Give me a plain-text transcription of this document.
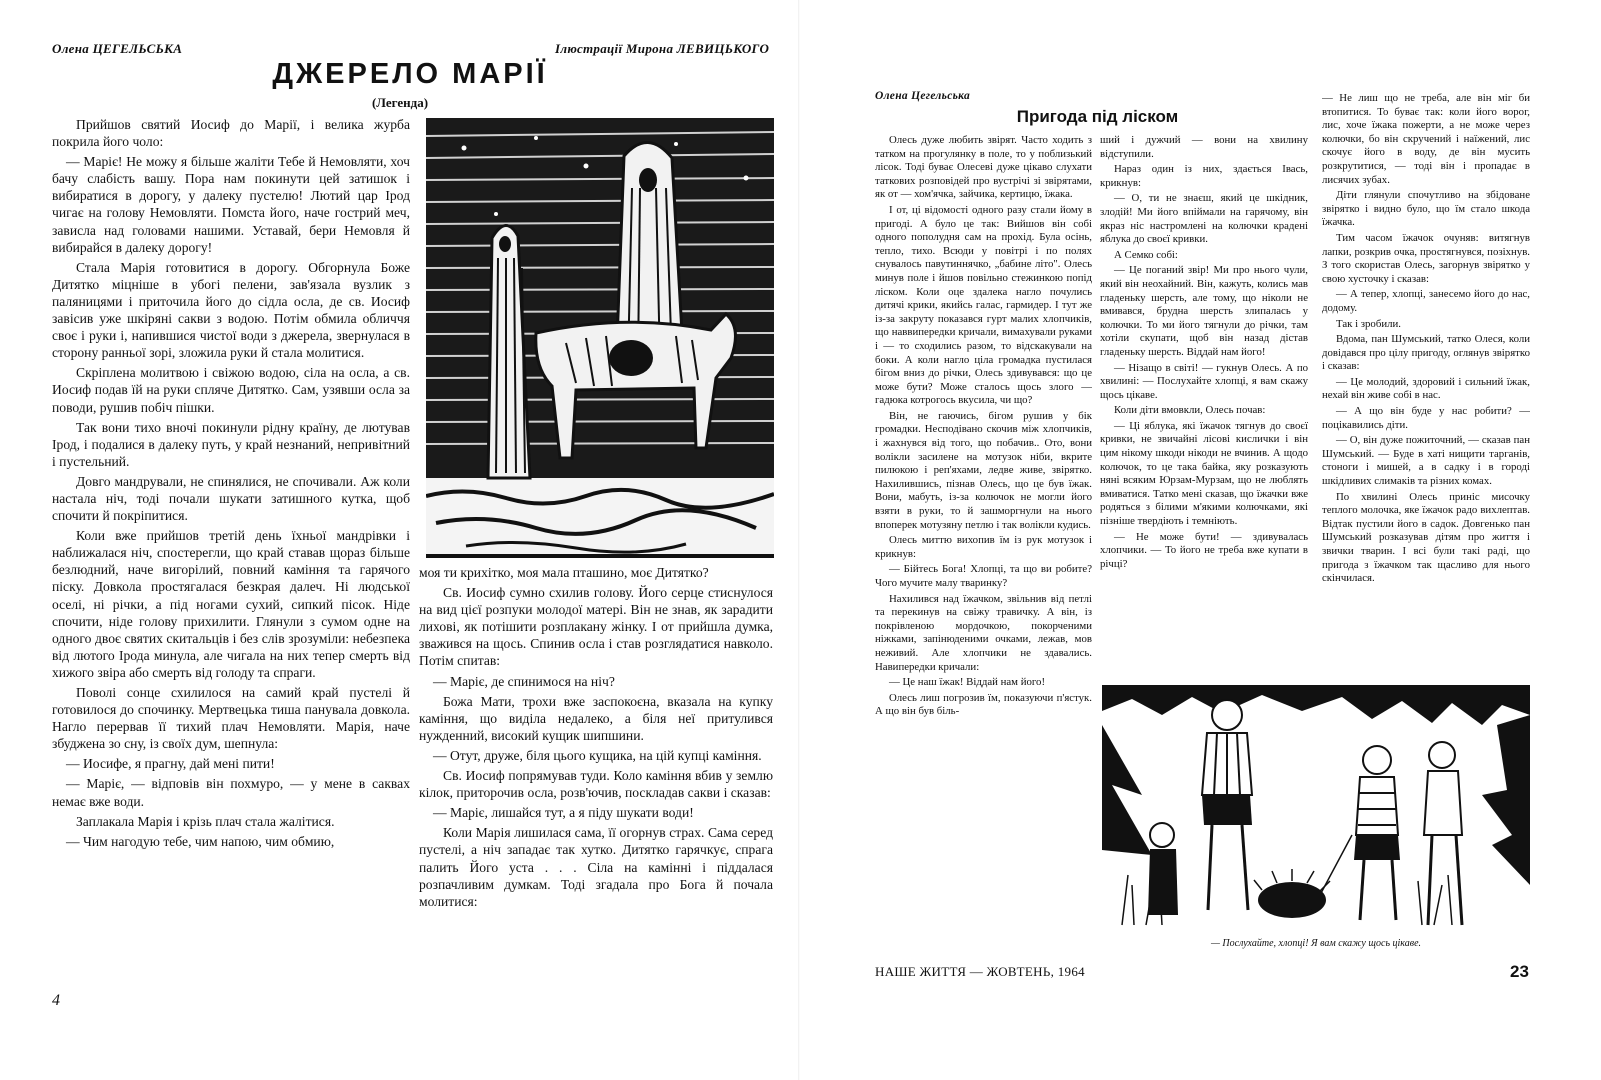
Олена ЦЕГЕЛЬСЬКА	Ілюстрації Мирона ЛЕВИЦЬКОГО
ДЖЕРЕЛО МАРІЇ
(Легенда)

Прийшов святий Иосиф до Марії, і велика журба покрила його чоло:

— Маріє! Не можу я більше жаліти Тебе й Немовляти, хоч бачу слабість вашу. Пора нам покинути цей затишок і вибиратися в дорогу, у далеку пустелю! Лютий цар Ірод чигає на голову Немовляти. Помста його, наче гострий меч, зависла над головами нашими. Уставай, бери Немовля й вибирайся в далеку дорогу!

Стала Марія готовитися в дорогу. Обгорнула Боже Дитятко міцніше в убогі пелени, зав'язала вузлик з паляницями і приточила його до сідла осла, де св. Иосиф завісив уже шкіряні сакви з водою. Потім обмила обличчя своє і руки і, напившися чистої води з джерела, звернулася в сторону ранньої зорі, зложила руки й стала молитися.

Скріплена молитвою і свіжою водою, сіла на осла, а св. Иосиф подав їй на руки спляче Дитятко. Сам, узявши осла за поводи, рушив побіч пішки.

Так вони тихо вночі покинули рідну країну, де лютував Ірод, і подалися в далеку путь, у край незнаний, непривітний і пустельний.

Довго мандрували, не спинялися, не спочивали. Аж коли настала ніч, тоді почали шукати затишного кутка, щоб спочити й покріпитися.

Коли вже прийшов третій день їхньої мандрівки і наближалася ніч, спостерегли, що край ставав щораз більше безлюдний, наче вигорілий, повний каміння та гарячого піску. Довкола простягалася безкрая далеч. Ні людської оселі, ні річки, а під ногами сухий, сипкий пісок. Ніде спочити, ніде голову прихилити. Глянули з сумом одне на одного двоє святих скитальців і без слів зрозуміли: небезпека від лютого Ірода минула, але чигала на них тепер смерть від хижого звіра або смерть від голоду та спраги.

Поволі сонце схилилося на самий край пустелі й готовилося до спочинку. Мертвецька тиша панувала довкола. Нагло перервав її тихий плач Немовляти. Марія, наче збуджена зо сну, із своїх дум, шепнула:

— Иосифе, я прагну, дай мені пити!

— Маріє, — відповів він похмуро, — у мене в саквах немає вже води.

Заплакала Марія і крізь плач стала жалітися.

— Чим нагодую тебе, чим напою, чим обмию,

моя ти крихітко, моя мала пташино, моє Дитятко?

Св. Иосиф сумно схилив голову. Його серце стиснулося на вид цієї розпуки молодої матері. Він не знав, як зарадити лихові, як потішити розплакану жінку. І от прийшла думка, зважився на щось. Спинив осла і став розглядатися навколо. Потім спитав:

— Маріє, де спинимося на ніч?

Божа Мати, трохи вже заспокоєна, вказала на купку каміння, що виділа недалеко, а біля неї притулився нужденний, високий кущик шипшини.

— Отут, друже, біля цього кущика, на цій купці каміння.

Св. Иосиф попрямував туди. Коло каміння вбив у землю кілок, приторочив осла, розв'ючив, поскладав сакви і сказав:

— Маріє, лишайся тут, а я піду шукати води!

Коли Марія лишилася сама, її огорнув страх. Сама серед пустелі, а ніч западає так хутко. Дитятко гарячкує, спрага палить Його уста . . . Сіла на камінні і піддалася розпачливим думкам. Тоді згадала про Бога й почала молитися:

4
Олена Цегельська
Пригода під ліском

Олесь дуже любить звірят. Часто ходить з татком на прогулянку в поле, то у поблизький лісок. Тоді буває Олесеві дуже цікаво слухати таткових розповідей про вустрічі зі звірятами, як от — хом'ячка, зайчика, кертицю, їжака.

І от, ці відомості одного разу стали йому в пригоді. А було це так: Вийшов він собі одного пополудня сам на прохід. Була осінь, тепло, тихо. Всюди у повітрі і по полях снувалось павутиннячко, „бабине літо". Олесь минув поле і йшов повільно стежинкою попід ліском. Коли оце здалека нагло почулись дитячі крики, якийсь галас, гармидер. І тут же із-за закруту показався гурт малих хлопчиків, що наввипередки кричали, вимахували руками і — то сходились разом, то відскакували на боки. А коли нагло ціла громадка пустилася бігом вниз до річки, Олесь здивувався: що це може бути? Може сталось щось злого — гадюка котрогось вкусила, чи що?

Він, не гаючись, бігом рушив у бік громадки. Несподівано скочив між хлопчиків, і жахнувся від того, що побачив.. Ото, вони волікли засилене на мотузок ніби, вкрите пилюкою і реп'яхами, ледве живе, звірятко. Нахилившись, пізнав Олесь, що це був їжак. Вони, мабуть, із-за колючок не могли його взяти в руки, то й зашморгнули на нього впоперек мотузяну петлю і так волікли кудись.

Олесь миттю вихопив їм із рук мотузок і крикнув:

— Бійтесь Бога! Хлопці, та що ви робите? Чого мучите малу тваринку?

Нахилився над їжачком, звільнив від петлі та перекинув на свіжу травичку. А він, із покрівленою мордочкою, покорченими ніжками, запінюденими очками, лежав, мов неживий. Але хлопчики не здавались. Навипередки кричали:

— Це наш їжак! Віддай нам його!

Олесь лиш погрозив їм, показуючи п'ястук. А що він був біль-

ший і дужчий — вони на хвилину відступили.

Нараз один із них, здається Івась, крикнув:

— О, ти не знаєш, який це шкідник, злодій! Ми його впіймали на гарячому, він якраз ніс настромлені на колючки крадені яблука до своєї кривки.

А Семко собі:

— Це поганий звір! Ми про нього чули, який він неохайний. Він, кажуть, колись мав гладеньку шерсть, але тому, що ніколи не вмивався, брудна шерсть злипалась у колючки. То ми його тягнули до річки, там хотіли скупати, щоб він назад дістав гладеньку шерсть. Віддай нам його!

— Нізащо в світі! — гукнув Олесь. А по хвилині: — Послухайте хлопці, я вам скажу щось цікаве.

Коли діти вмовкли, Олесь почав:

— Ці яблука, які їжачок тягнув до своєї кривки, не звичайні лісові кислички і він цим нікому шкоди нікоди не вчинив. А щодо колючок, то це така байка, яку розказують няні всяким Юрзам-Мурзам, що не люблять вмиватися. Татко мені сказав, що їжачки вже родяться з білими м'якими колючками, які пізніше твердіють і темніють.

— Не може бути! — здивувалась хлопчики. — То його не треба вже купати в річці?

— Не лиш що не треба, але він міг би втопитися. То буває так: коли його ворог, лис, хоче їжака пожерти, а не може через колючки, бо він скручений і наїжений, лис скочує його в воду, де він мусить розкрутитися, — тоді він і пропадає в лисячих зубах.

Діти глянули спочутливо на збідоване звірятко і видно було, що їм стало шкода їжачка.

Тим часом їжачок очуняв: витягнув лапки, розкрив очка, простягнувся, позіхнув. З того скористав Олесь, загорнув звірятко у свою хусточку і сказав:

— А тепер, хлопці, занесемо його до нас, додому.

Так і зробили.

Вдома, пан Шумський, татко Олеся, коли довідався про цілу пригоду, оглянув звірятко і сказав:

— Це молодий, здоровий і сильний їжак, нехай він живе собі в нас.

— А що він буде у нас робити? — поцікавились діти.

— О, він дуже пожиточний, — сказав пан Шумський. — Буде в хаті нищити тарганів, стоноги і мишей, а в садку і в городі шкідливих слимаків та різних комах.

По хвилині Олесь приніс мисочку теплого молочка, яке їжачок радо вихлептав. Відтак пустили його в садок. Довгенько пан Шумський розказував дітям про життя і звички тварин. І всі були такі раді, що пригода з їжачком так щасливо для нього скінчилася.

— Послухайте, хлопці! Я вам скажу щось цікаве.
НАШЕ ЖИТТЯ — ЖОВТЕНЬ, 1964	23
